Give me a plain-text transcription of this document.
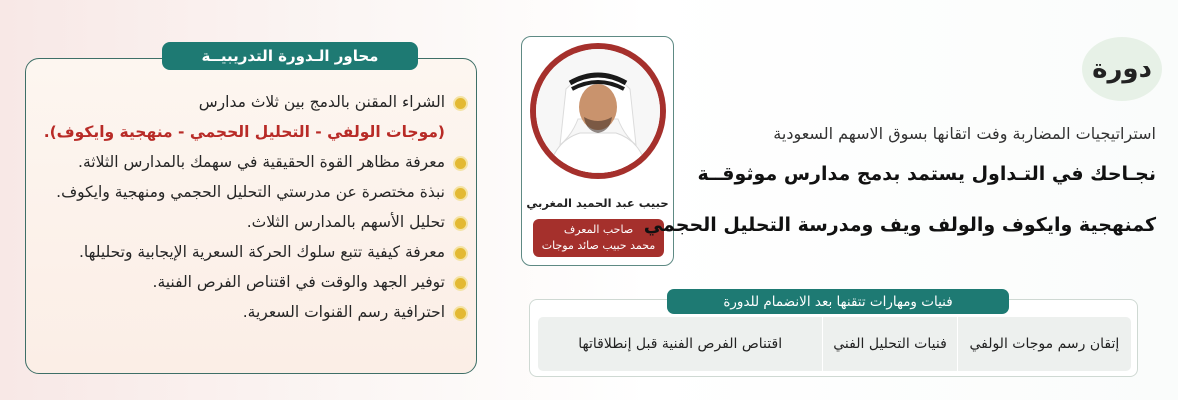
محاور الـدورة التدريبيــة
الشراء المقنن بالدمج بين ثلاث مدارس
(موجات الولفي - التحليل الحجمي - منهجية وايكوف).
معرفة مظاهر القوة الحقيقية في سهمك بالمدارس الثلاثة.
نبذة مختصرة عن مدرستي التحليل الحجمي ومنهجية وايكوف.
تحليل الأسهم بالمدارس الثلاث.
معرفة كيفية تتبع سلوك الحركة السعرية الإيجابية وتحليلها.
توفير الجهد والوقت في اقتناص الفرص الفنية.
احترافية رسم القنوات السعرية.
حبيب عبد الحميد المغربي
صاحب المعرف
محمد حبيب صائد موجات
دورة
استراتيجيات المضاربة وفت اتقانها بسوق الاسهم السعودية
نجـاحك في التـداول يستمد بدمج مدارس موثوقــة
كمنهجية وايكوف والولف ويف ومدرسة التحليل الحجمي
إتقان رسم موجات الولفي
فنيات التحليل الفني
اقتناص الفرص الفنية قبل إنطلاقاتها
فنيات ومهارات تتقنها بعد الانضمام للدورة
